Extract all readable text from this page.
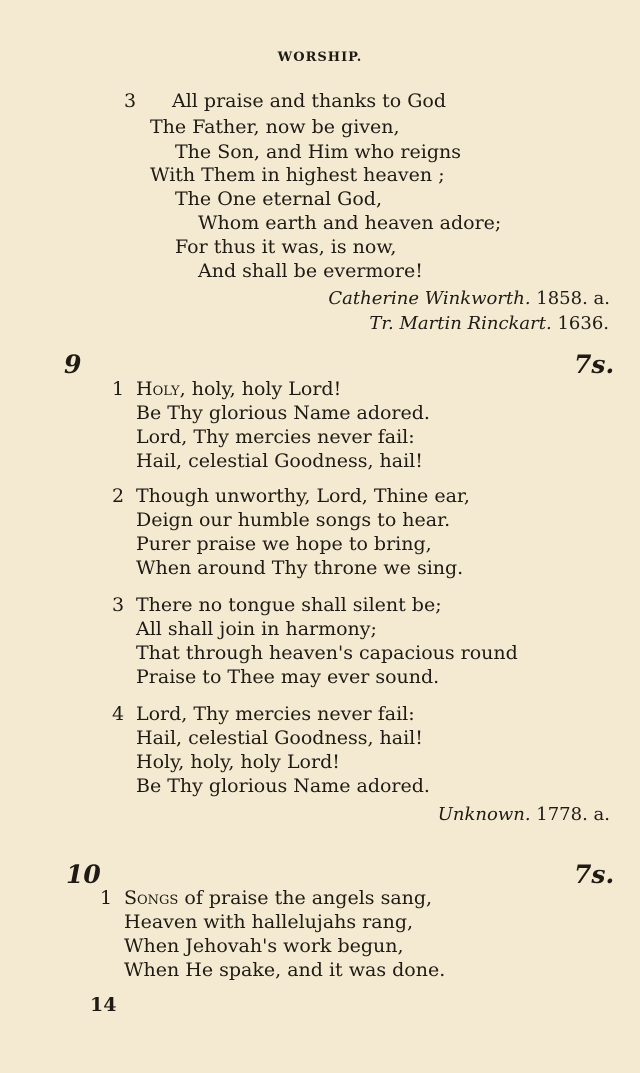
WORSHIP.
3 All praise and thanks to God
The Father, now be given,
The Son, and Him who reigns
With Them in highest heaven ;
The One eternal God,
Whom earth and heaven adore;
For thus it was, is now,
And shall be evermore!
Catherine Winkworth. 1858. a.
Tr. Martin Rinckart. 1636.
9	7s.
1 Holy, holy, holy Lord!
Be Thy glorious Name adored.
Lord, Thy mercies never fail:
Hail, celestial Goodness, hail!
2 Though unworthy, Lord, Thine ear,
Deign our humble songs to hear.
Purer praise we hope to bring,
When around Thy throne we sing.
3 There no tongue shall silent be;
All shall join in harmony;
That through heaven's capacious round
Praise to Thee may ever sound.
4 Lord, Thy mercies never fail:
Hail, celestial Goodness, hail!
Holy, holy, holy Lord!
Be Thy glorious Name adored.
Unknown. 1778. a.
10	7s.
1 Songs of praise the angels sang,
Heaven with hallelujahs rang,
When Jehovah's work begun,
When He spake, and it was done.
14
